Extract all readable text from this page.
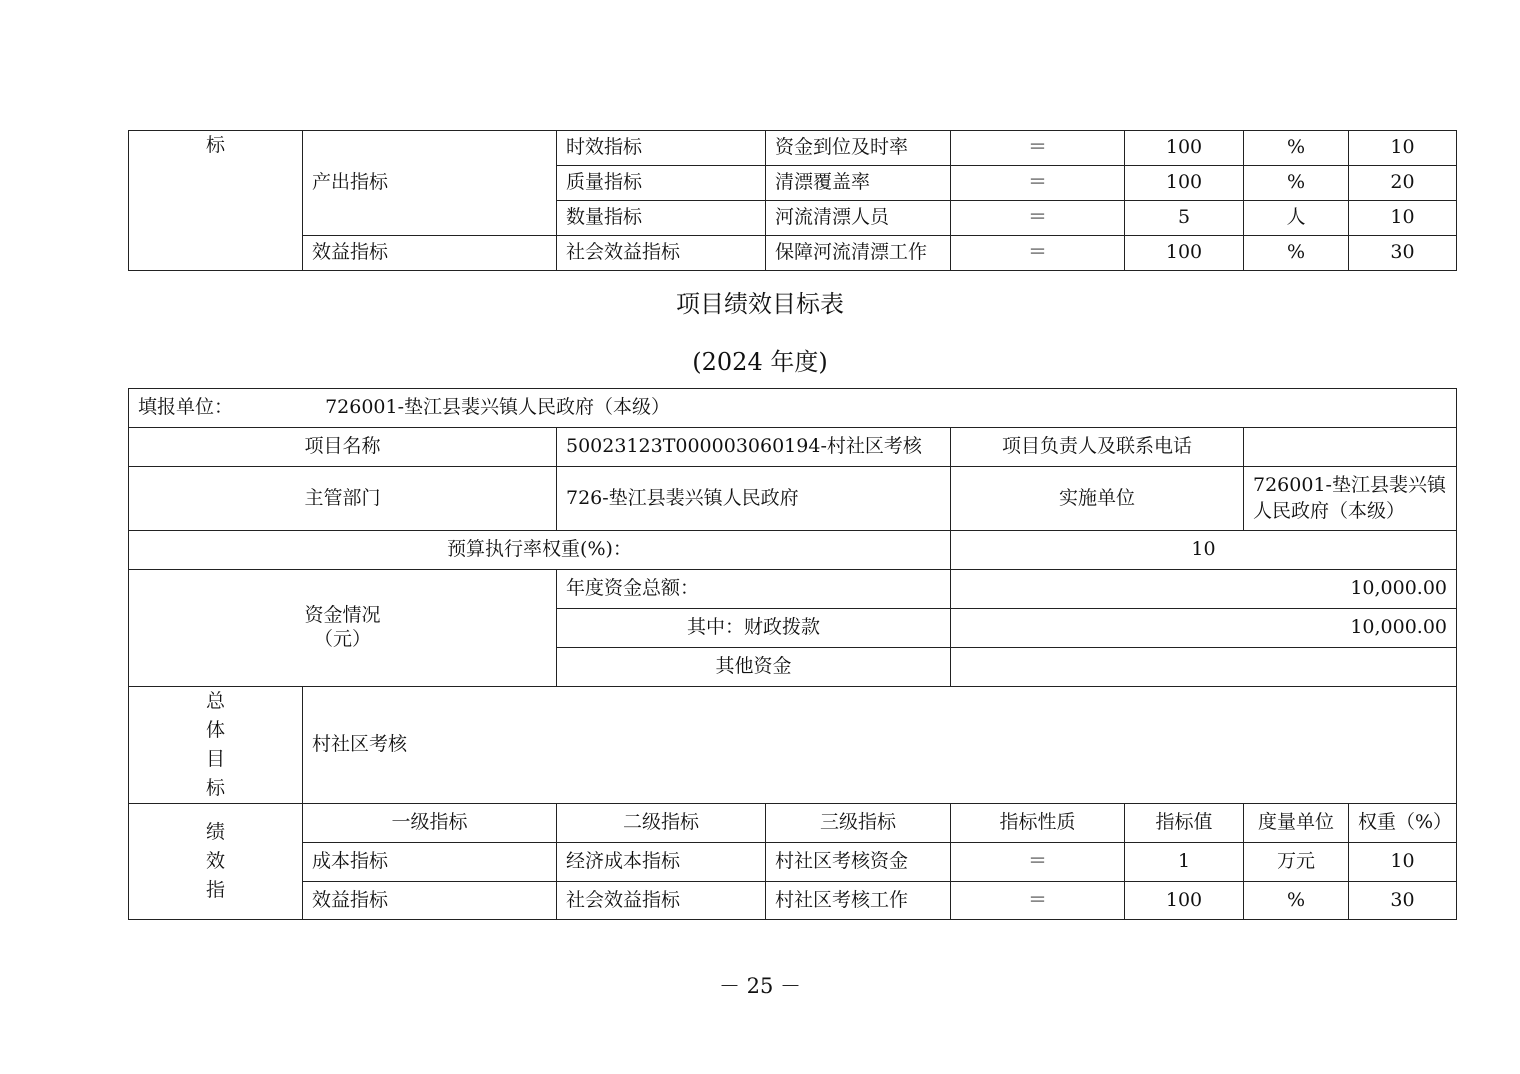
标	产出指标	时效指标	资金到位及时率	＝	100	%	10
		质量指标	清漂覆盖率	＝	100	%	20
		数量指标	河流清漂人员	＝	5	人	10
	效益指标	社会效益指标	保障河流清漂工作	＝	100	%	30
项目绩效目标表
(2024 年度)
填报单位： 726001-垫江县裴兴镇人民政府（本级）							
项目名称		50023123T000003060194-村社区考核		项目负责人及联系电话			
主管部门		726-垫江县裴兴镇人民政府		实施单位		726001-垫江县裴兴镇人民政府（本级）	
预算执行率权重(%)：				10			

资金情况
（元）		年度资金总额：		10,000.00			
		其中：财政拨款		10,000.00			
		其他资金					

总
体
目
标	村社区考核						

绩
效
指	一级指标	二级指标	三级指标	指标性质	指标值	度量单位	权重（%）
	成本指标	经济成本指标	村社区考核资金	＝	1	万元	10
	效益指标	社会效益指标	村社区考核工作	＝	100	%	30
－ 25 －
